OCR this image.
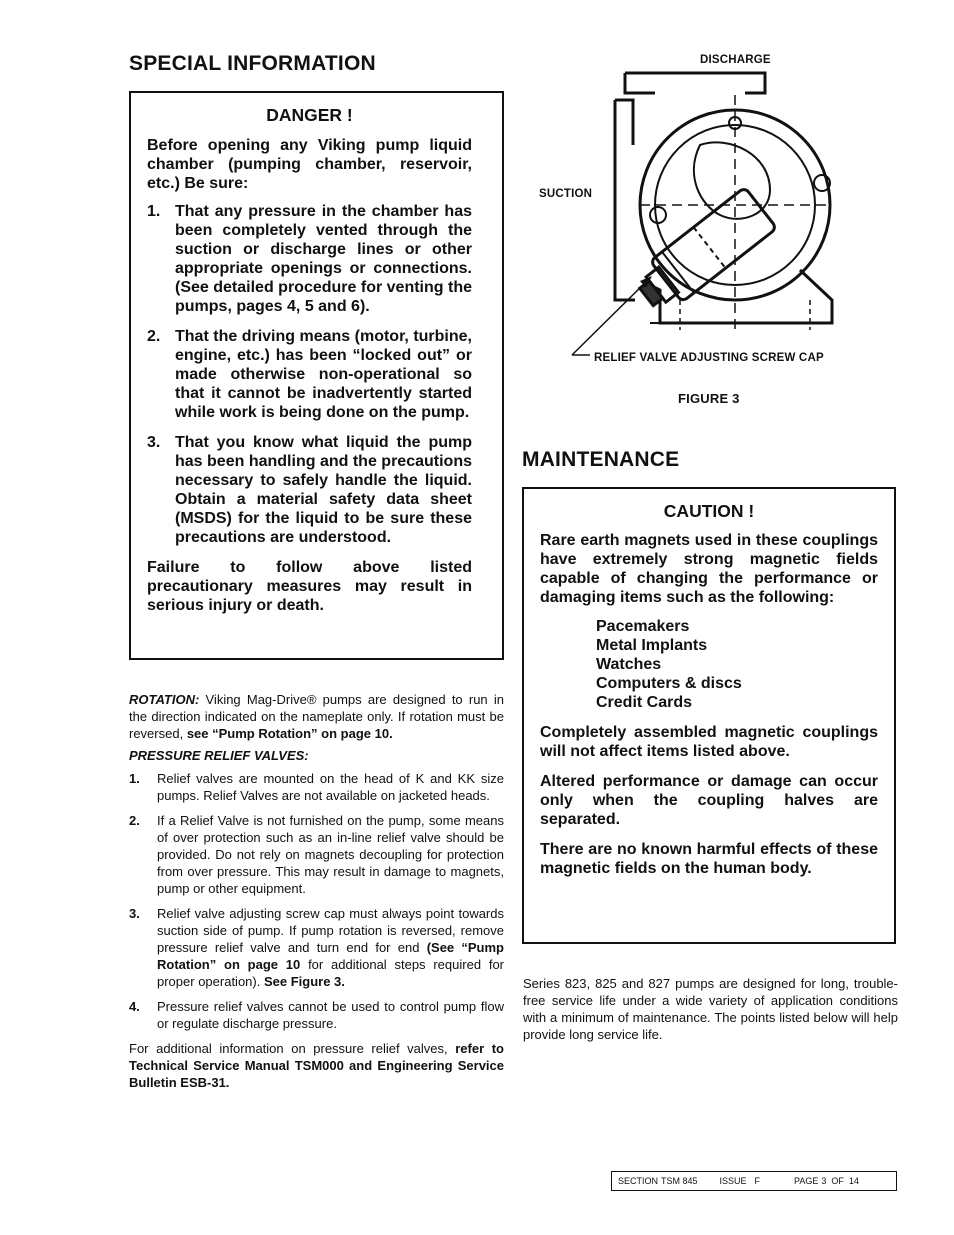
SPECIAL INFORMATION
DANGER !

Before opening any Viking pump liquid chamber (pumping chamber, reservoir, etc.) Be sure:

1. That any pressure in the chamber has been completely vented through the suction or discharge lines or other appropriate openings or connections. (See detailed procedure for venting the pumps, pages 4, 5 and 6).
2. That the driving means (motor, turbine, engine, etc.) has been “locked out” or made otherwise non-operational so that it cannot be inadvertently started while work is being done on the pump.
3. That you know what liquid the pump has been handling and the precautions necessary to safely handle the liquid. Obtain a material safety data sheet (MSDS) for the liquid to be sure these precautions are understood.

Failure to follow above listed precautionary measures may result in serious injury or death.

ROTATION: Viking Mag-Drive® pumps are designed to run in the direction indicated on the nameplate only. If rotation must be reversed, see “Pump Rotation” on page 10.

PRESSURE RELIEF VALVES:

1. Relief valves are mounted on the head of K and KK size pumps. Relief Valves are not available on jacketed heads.
2. If a Relief Valve is not furnished on the pump, some means of over protection such as an in-line relief valve should be provided. Do not rely on magnets decoupling for protection from over pressure. This may result in damage to magnets, pump or other equipment.
3. Relief valve adjusting screw cap must always point towards suction side of pump. If pump rotation is reversed, remove pressure relief valve and turn end for end (See “Pump Rotation” on page 10 for additional steps required for proper operation). See Figure 3.
4. Pressure relief valves cannot be used to control pump flow or regulate discharge pressure.

For additional information on pressure relief valves, refer to Technical Service Manual TSM000 and Engineering Service Bulletin ESB-31.

DISCHARGE
SUCTION
RELIEF VALVE ADJUSTING SCREW CAP
FIGURE 3
MAINTENANCE
CAUTION !

Rare earth magnets used in these couplings have extremely strong magnetic fields capable of changing the performance or damaging items such as the following:

Pacemakers
Metal Implants
Watches
Computers & discs
Credit Cards

Completely assembled magnetic couplings will not affect items listed above.

Altered performance or damage can occur only when the coupling halves are separated.

There are no known harmful effects of these magnetic fields on the human body.

Series 823, 825 and 827 pumps are designed for long, trouble-free service life under a wide variety of application conditions with a minimum of maintenance. The points listed below will help provide long service life.

SECTION TSM 845 ISSUE F	PAGE 3 OF 14
